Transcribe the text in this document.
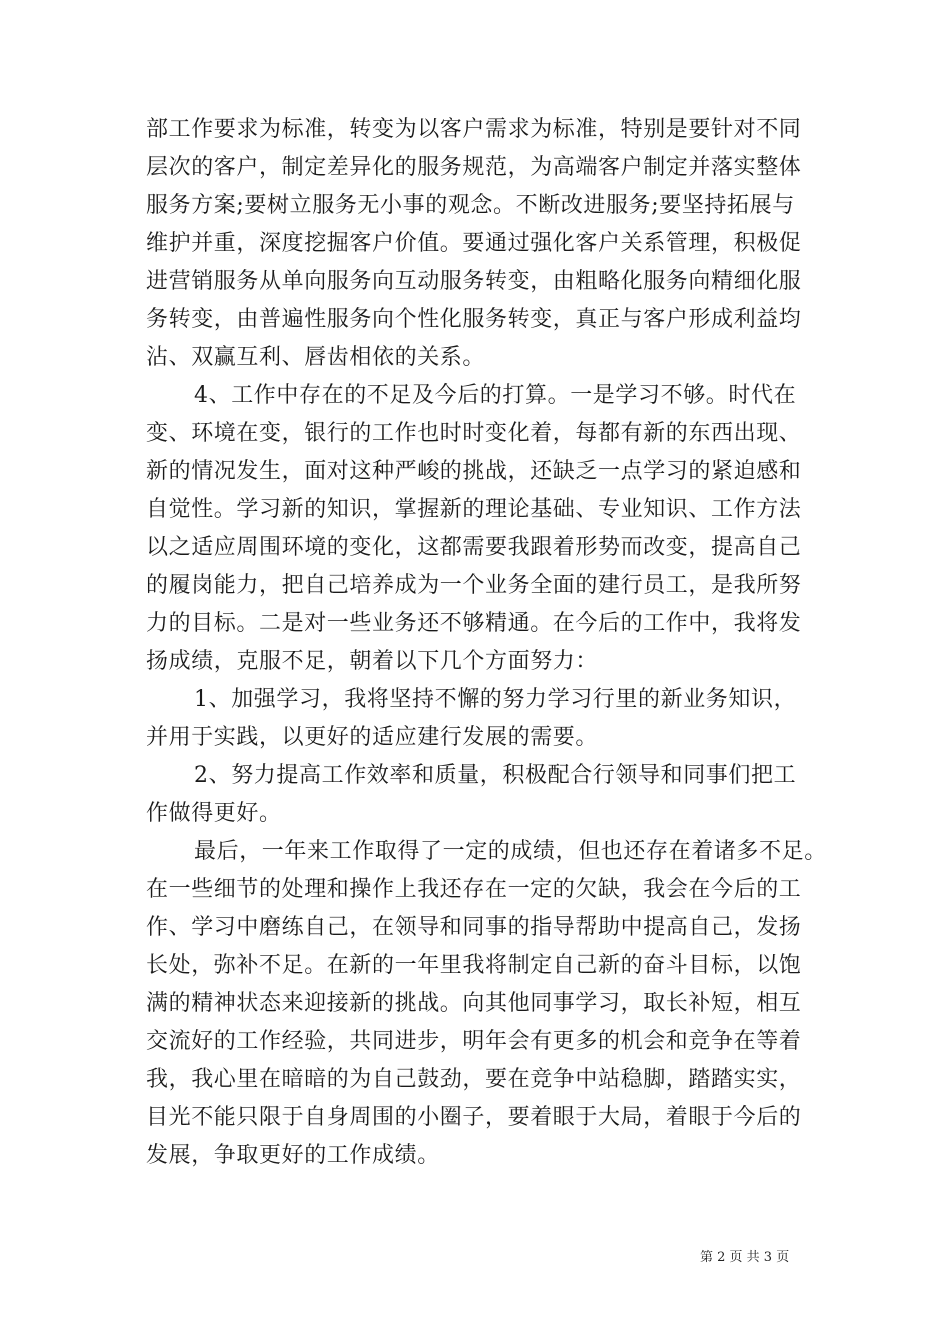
部工作要求为标准，转变为以客户需求为标准，特别是要针对不同
层次的客户，制定差异化的服务规范，为高端客户制定并落实整体
服务方案;要树立服务无小事的观念。不断改进服务;要坚持拓展与
维护并重，深度挖掘客户价值。要通过强化客户关系管理，积极促
进营销服务从单向服务向互动服务转变，由粗略化服务向精细化服
务转变，由普遍性服务向个性化服务转变，真正与客户形成利益均
沾、双赢互利、唇齿相依的关系。
4、工作中存在的不足及今后的打算。一是学习不够。时代在
变、环境在变，银行的工作也时时变化着，每都有新的东西出现、
新的情况发生，面对这种严峻的挑战，还缺乏一点学习的紧迫感和
自觉性。学习新的知识，掌握新的理论基础、专业知识、工作方法
以之适应周围环境的变化，这都需要我跟着形势而改变，提高自己
的履岗能力，把自己培养成为一个业务全面的建行员工，是我所努
力的目标。二是对一些业务还不够精通。在今后的工作中，我将发
扬成绩，克服不足，朝着以下几个方面努力：
1、加强学习，我将坚持不懈的努力学习行里的新业务知识，
并用于实践，以更好的适应建行发展的需要。
2、努力提高工作效率和质量，积极配合行领导和同事们把工
作做得更好。
最后，一年来工作取得了一定的成绩，但也还存在着诸多不足。
在一些细节的处理和操作上我还存在一定的欠缺，我会在今后的工
作、学习中磨练自己，在领导和同事的指导帮助中提高自己，发扬
长处，弥补不足。在新的一年里我将制定自己新的奋斗目标，以饱
满的精神状态来迎接新的挑战。向其他同事学习，取长补短，相互
交流好的工作经验，共同进步，明年会有更多的机会和竞争在等着
我，我心里在暗暗的为自己鼓劲，要在竞争中站稳脚，踏踏实实，
目光不能只限于自身周围的小圈子，要着眼于大局，着眼于今后的
发展，争取更好的工作成绩。
第 2 页 共 3 页
